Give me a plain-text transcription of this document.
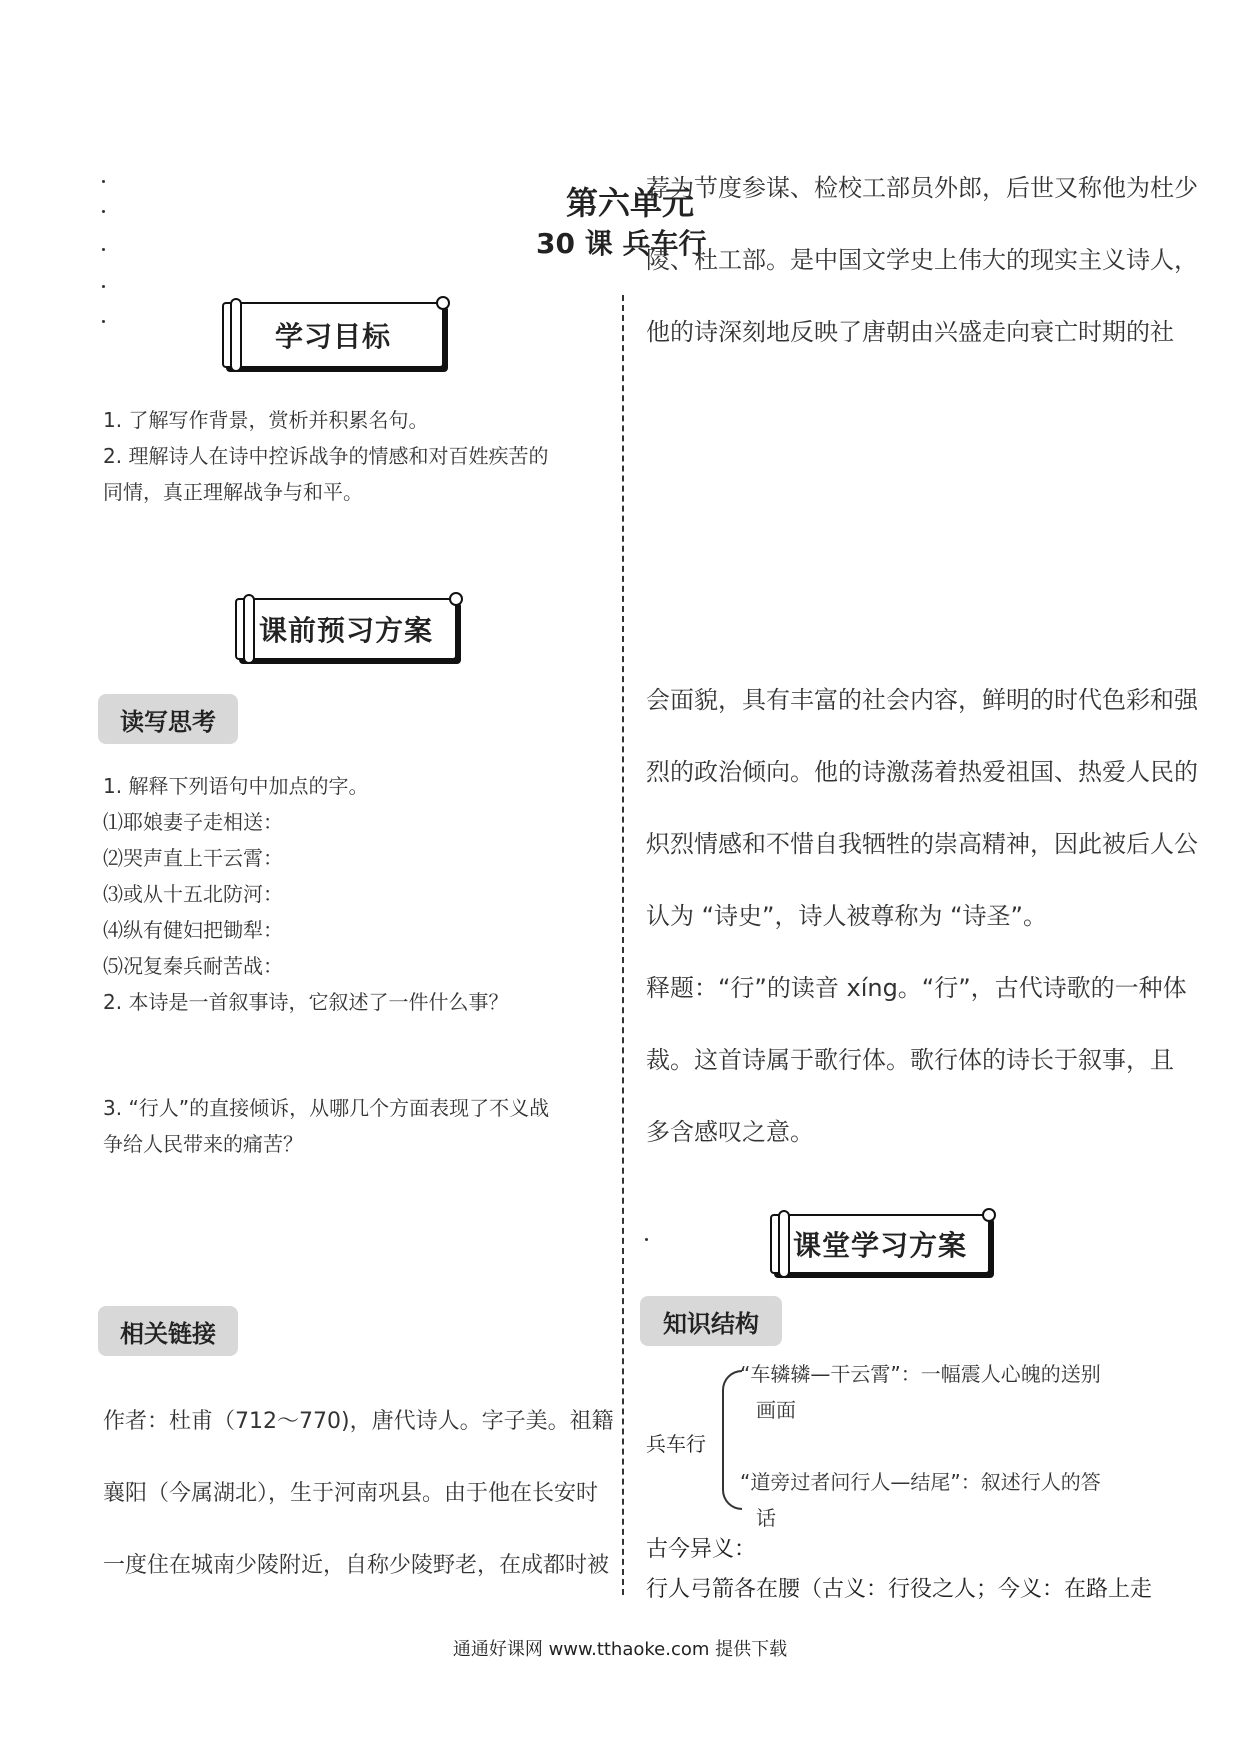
第六单元
30 课 兵车行
学习目标
1. 了解写作背景，赏析并积累名句。
2. 理解诗人在诗中控诉战争的情感和对百姓疾苦的
同情，真正理解战争与和平。
课前预习方案
读写思考
1. 解释下列语句中加点的字。
⑴耶娘妻子走相送：
⑵哭声直上干云霄：
⑶或从十五北防河：
⑷纵有健妇把锄犁：
⑸况复秦兵耐苦战：
2. 本诗是一首叙事诗，它叙述了一件什么事？
3. “行人”的直接倾诉，从哪几个方面表现了不义战
争给人民带来的痛苦？
相关链接
作者：杜甫（712～770)，唐代诗人。字子美。祖籍
襄阳（今属湖北），生于河南巩县。由于他在长安时
一度住在城南少陵附近，自称少陵野老，在成都时被
荐为节度参谋、检校工部员外郎，后世又称他为杜少
陵、杜工部。是中国文学史上伟大的现实主义诗人，
他的诗深刻地反映了唐朝由兴盛走向衰亡时期的社
会面貌，具有丰富的社会内容，鲜明的时代色彩和强
烈的政治倾向。他的诗激荡着热爱祖国、热爱人民的
炽烈情感和不惜自我牺牲的崇高精神，因此被后人公
认为 “诗史”，诗人被尊称为 “诗圣”。
释题：“行”的读音 xíng。“行”，古代诗歌的一种体
裁。这首诗属于歌行体。歌行体的诗长于叙事，且
多含感叹之意。
课堂学习方案
知识结构
兵车行
“车辚辚—干云霄”：一幅震人心魄的送别
画面
“道旁过者问行人—结尾”：叙述行人的答
话
古今异义：
行人弓箭各在腰（古义：行役之人；今义：在路上走
通通好课网 www.tthaoke.com 提供下载
